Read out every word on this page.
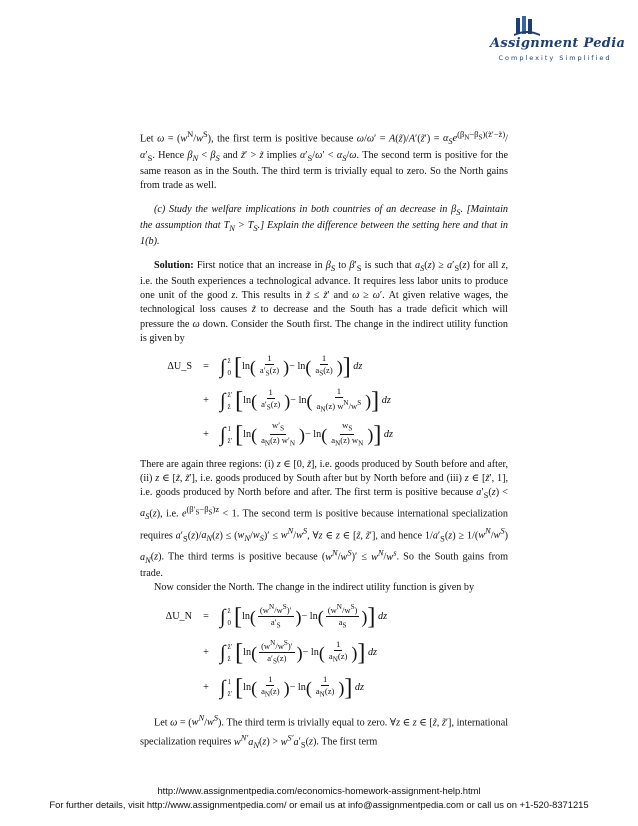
Assignment Pedia
Complexity Simplified

Let $\omega = (w^N/w^S)$, the first term is positive because ω/ω′ = A(z̃)/A′(z̃′) = $\alpha_Se^{(\beta_N-\beta_S)(z̃'-z̃)}/\alpha'_S$. Hence $\beta_N < \beta_S$ and z̃′ > z̃ implies $\alpha'_S/\omega' < \alpha_S/\omega$. The second term is positive for the same reason as in the South. The third term is trivially equal to zero. So the North gains from trade as well.

(c) Study the welfare implications in both countries of an decrease in $\beta_S$. [Maintain the assumption that $T_N > T_S$.] Explain the difference between the setting here and that in 1(b).

Solution: First notice that an increase in $\beta_S$ to $\beta'_S$ is such that $a_S(z) \ge a'_S(z)$ for all z, i.e. the South experiences a technological advance. It requires less labor units to produce one unit of the good z. This results in z̃ ≤ z̃′ and ω ≥ ω′. At given relative wages, the technological loss causes z̃ to decrease and the South has a trade deficit which will pressure the ω down. Consider the South first. The change in the indirect utility function is given by

ΔU_S	= ∫ z̃
0 [ ln ( $\frac{1}{a'_S(z)}$ ) − ln ( $\frac{1}{a_S(z)}$ ) ]
dz
+ ∫ z̃′
z̃ [ ln ( $\frac{1}{a'_S(z)}$ ) − ln ( $\frac{1}{a_N(z) w^N/w^S}$ ) ]
dz
+ ∫ 1
z̃′ [ ln ( $\frac{w'_S}{a_N(z) w'_N}$ ) − ln ( $\frac{w_S}{a_N(z) w_N}$ ) ]
dz

There are again three regions: (i) z ∈ [0, z̃], i.e. goods produced by South before and after, (ii) z ∈ [z̃, z̃′], i.e. goods produced by South after but by North before and (iii) z ∈ [z̃′, 1], i.e. goods produced by North before and after. The first term is positive because $a'_S(z) < a_S(z)$, i.e. $e^{(\beta'_S-\beta_S)z} < 1$. The second term is positive because international specialization requires $a'_S(z)/a_N(z) \le (w_N/w_S)' \le w^N/w^S$, ∀z ∈ z ∈ [z̃, z̃′], and hence $1/a'_S(z) \ge 1/(w^N/w^S)$ $a_N(z)$. The third terms is positive because $(w^N/w^S)' \le w^N/w^s$. So the South gains from trade.

Now consider the North. The change in the indirect utility function is given by

ΔU_N	= ∫ z̃
0 [ ln ( $\frac{(w^N/w^S)'}{a'_S}$ ) − ln ( $\frac{(w^N/w^S)}{a_S}$ ) ]
dz
+ ∫ z̃′
z̃ [ ln ( $\frac{(w^N/w^S)'}{a'_S(z)}$ ) − ln ( $\frac{1}{a_N(z)}$ ) ]
dz
+ ∫ 1
z̃′ [ ln ( $\frac{1}{a_N(z)}$ ) − ln ( $\frac{1}{a_N(z)}$ ) ]
dz

Let $\omega = (w^N/w^S)$. The third term is trivially equal to zero. ∀z ∈ z ∈ [z̃, z̃′], international specialization requires $w^{N'}a_N(z) > w^{S'}a'_S(z)$. The first term

http://www.assignmentpedia.com/economics-homework-assignment-help.html
For further details, visit http://www.assignmentpedia.com/ or email us at info@assignmentpedia.com or call us on +1-520-8371215
